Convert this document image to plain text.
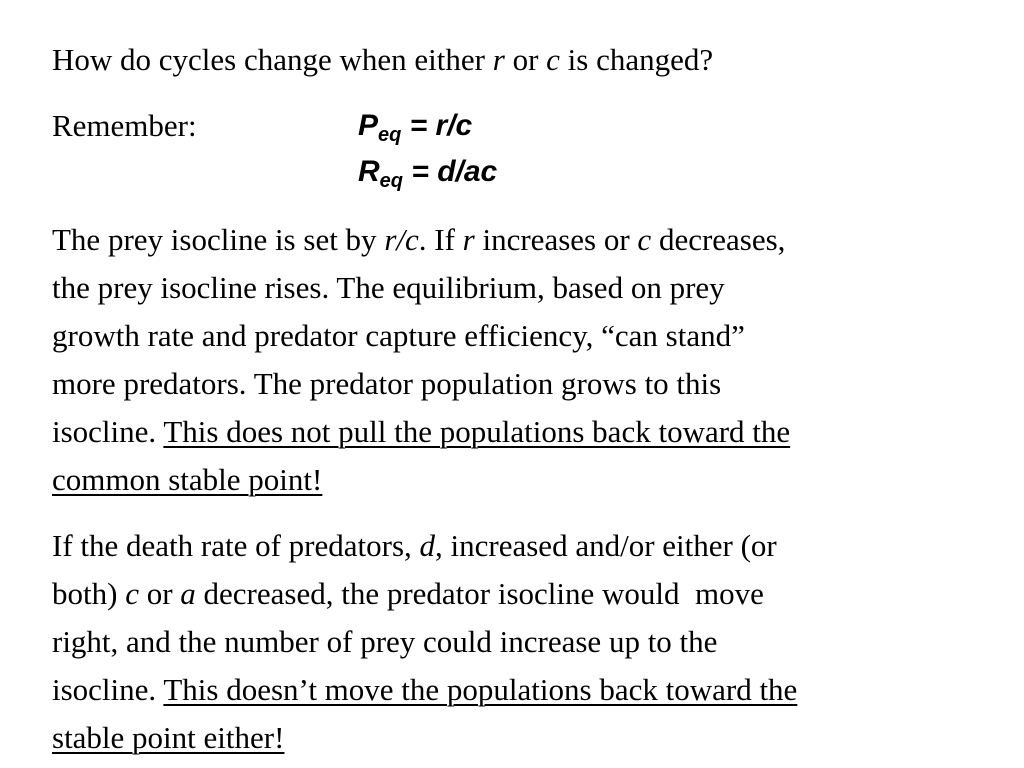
How do cycles change when either r or c is changed?
Remember:	$P_{eq} = r/c$
$R_{eq} = d/ac$
The prey isocline is set by r/c. If r increases or c decreases,
the prey isocline rises. The equilibrium, based on prey
growth rate and predator capture efficiency, “can stand”
more predators. The predator population grows to this
isocline. This does not pull the populations back toward the
common stable point!
If the death rate of predators, d, increased and/or either (or
both) c or a decreased, the predator isocline would  move
right, and the number of prey could increase up to the
isocline. This doesn’t move the populations back toward the
stable point either!
